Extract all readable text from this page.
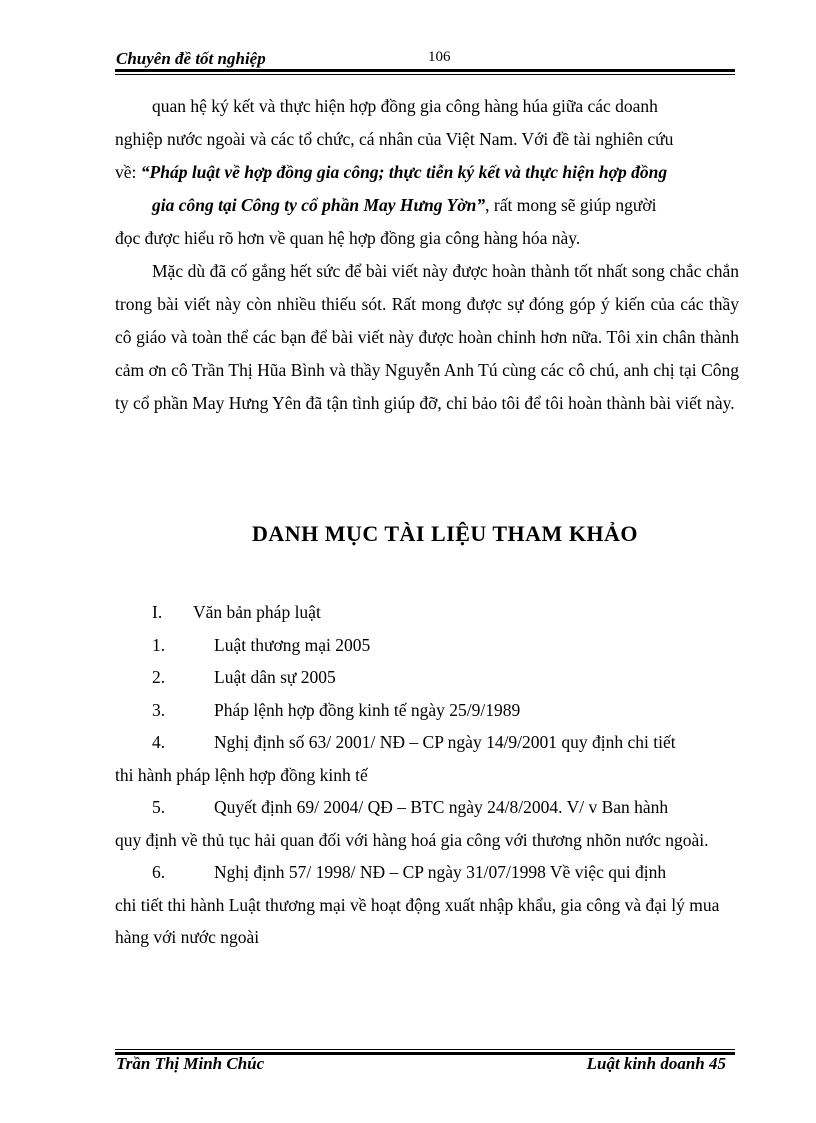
Chuyên đề tốt nghiệp	106
quan hệ ký kết và thực hiện hợp đồng gia công hàng húa giữa các doanh
nghiệp nước ngoài và các tổ chức, cá nhân của Việt Nam. Với đề tài nghiên cứu
về: “Pháp luật về hợp đồng gia công; thực tiễn ký kết và thực hiện hợp đồng
gia công tại Công ty cổ phần May Hưng Yờn”, rất mong sẽ giúp người
đọc được hiểu rõ hơn về quan hệ hợp đồng gia công hàng hóa này.
Mặc dù đã cố gắng hết sức để bài viết này được hoàn thành tốt nhất song chắc chắn trong bài viết này còn nhiều thiếu sót. Rất mong được sự đóng góp ý kiến của các thầy cô giáo và toàn thể các bạn để bài viết này được hoàn chỉnh hơn nữa. Tôi xin chân thành cảm ơn cô Trần Thị Hũa Bình và thầy Nguyễn Anh Tú cùng các cô chú, anh chị tại Công ty cổ phần May Hưng Yên đã tận tình giúp đỡ, chỉ bảo tôi để tôi hoàn thành bài viết này.
DANH MỤC TÀI LIỆU THAM KHẢO
I. Văn bản pháp luật
1.	Luật thương mại 2005
2.	Luật dân sự 2005
3.	Pháp lệnh hợp đồng kinh tế ngày 25/9/1989
4.	Nghị định số 63/ 2001/ NĐ – CP ngày 14/9/2001 quy định chi tiết
thi hành pháp lệnh hợp đồng kinh tế
5.	Quyết định 69/ 2004/ QĐ – BTC ngày 24/8/2004. V/ v Ban hành
quy định về thủ tục hải quan đối với hàng hoá gia công với thương nhõn nước ngoài.
6.	Nghị định 57/ 1998/ NĐ – CP ngày 31/07/1998 Về việc qui định
chi tiết thi hành Luật thương mại về hoạt động xuất nhập khẩu, gia công và đại lý mua hàng với nước ngoài
Trần Thị Minh Chúc	Luật kinh doanh 45
